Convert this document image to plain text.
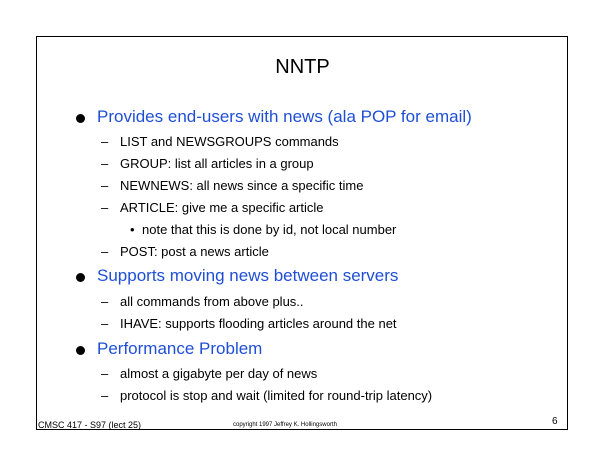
NNTP
Provides end-users with news (ala POP for email)
– LIST and NEWSGROUPS commands
– GROUP: list all articles in a group
– NEWNEWS: all news since a specific time
– ARTICLE: give me a specific article
• note that this is done by id, not local number
– POST: post a news article
Supports moving news between servers
– all commands from above plus..
– IHAVE: supports flooding articles around the net
Performance Problem
– almost a gigabyte per day of news
– protocol is stop and wait (limited for round-trip latency)
CMSC 417 - S97 (lect 25)	copyright 1997 Jeffrey K. Hollingsworth	6
